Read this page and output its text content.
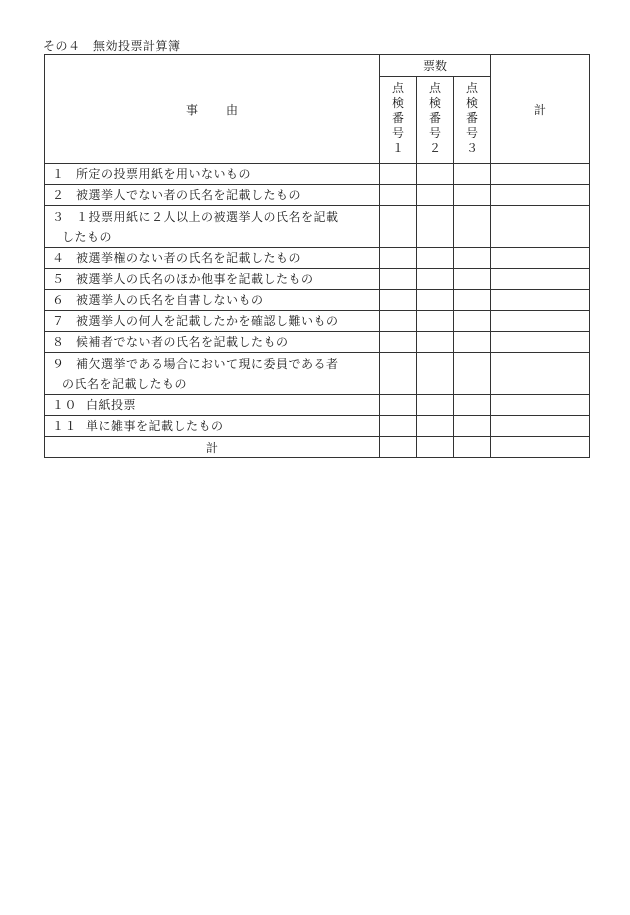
その４　無効投票計算簿
事由	票数			計
	点検番号１	点検番号２	点検番号３	
１ 所定の投票用紙を用いないもの				
２ 被選挙人でない者の氏名を記載したもの				
３ １投票用紙に２人以上の被選挙人の氏名を記載
したもの				

４ 被選挙権のない者の氏名を記載したもの				
５ 被選挙人の氏名のほか他事を記載したもの				
６ 被選挙人の氏名を自書しないもの				
７ 被選挙人の何人を記載したかを確認し難いもの				
８ 候補者でない者の氏名を記載したもの				
９ 補欠選挙である場合において現に委員である者
の氏名を記載したもの				

１０ 白紙投票				
１１ 単に雑事を記載したもの				
計				
